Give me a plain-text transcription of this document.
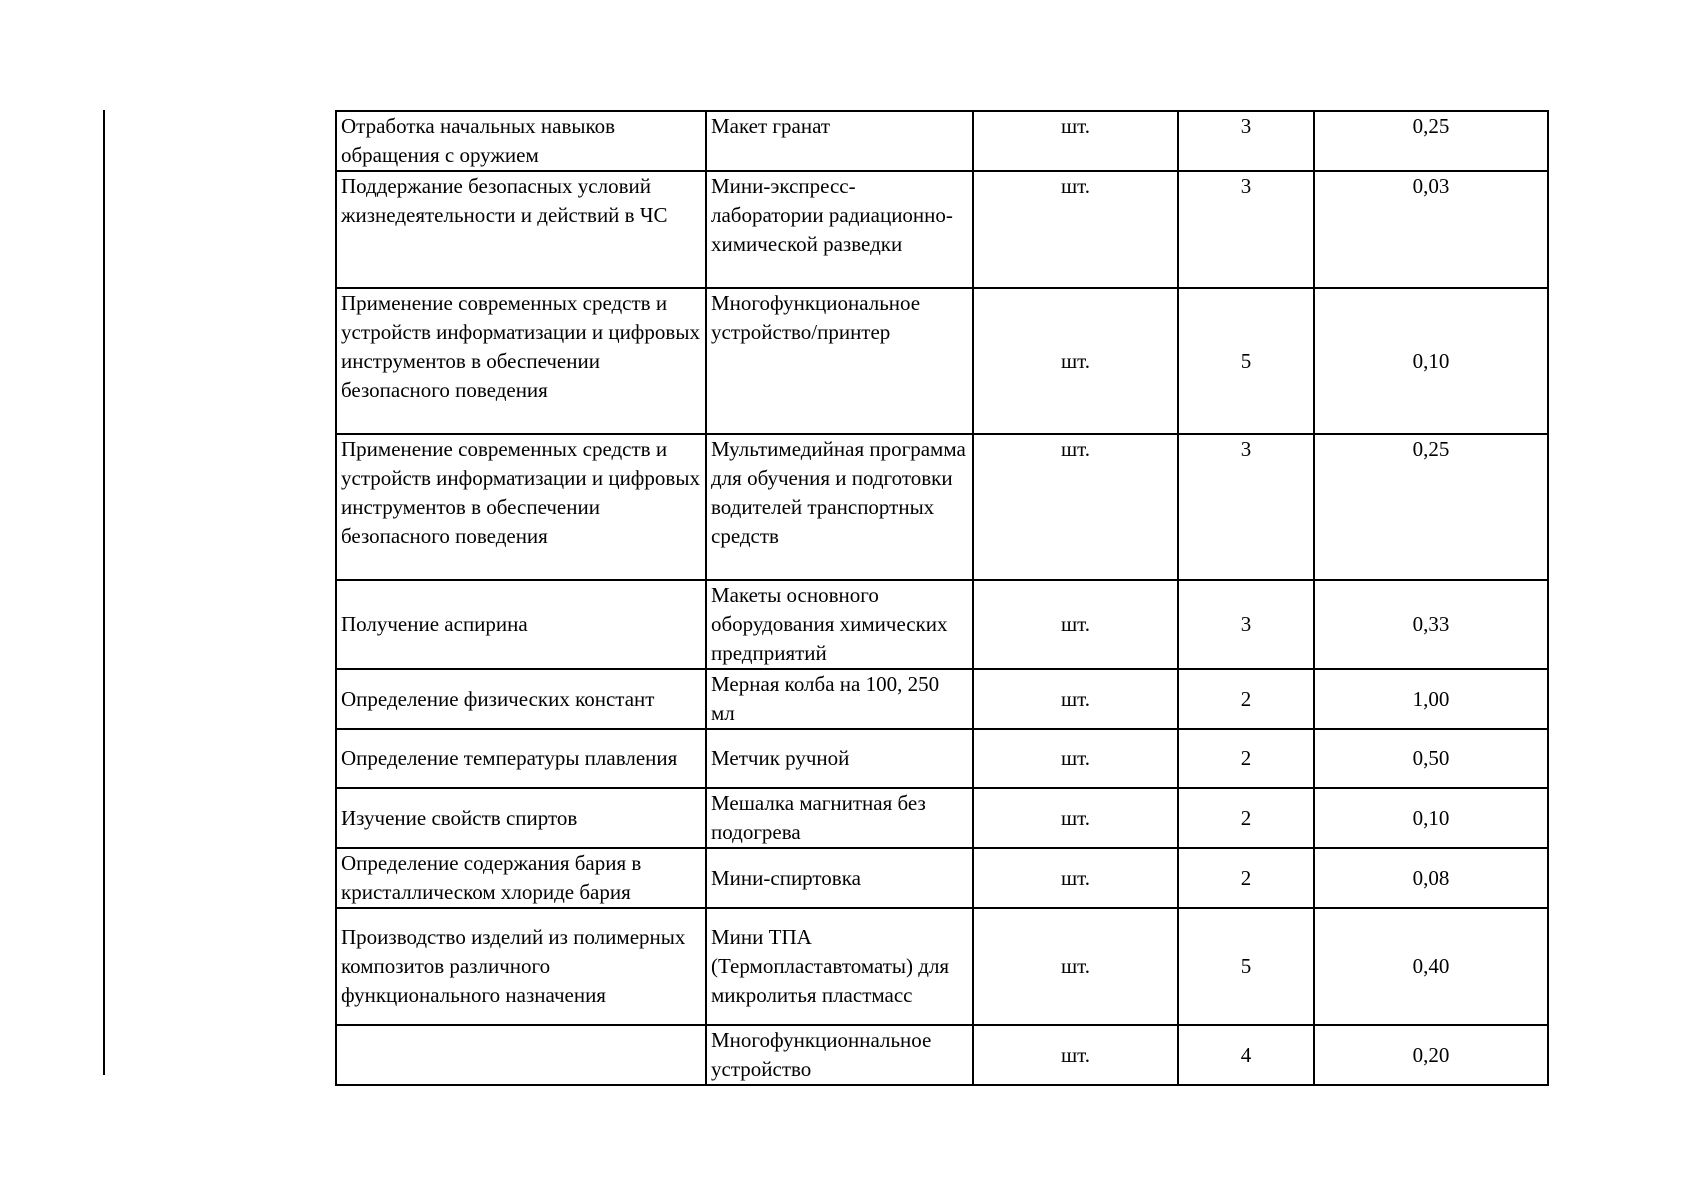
Отработка начальных навыков обращения с оружием	Макет гранат	шт.	3	0,25
Поддержание безопасных условий жизнедеятельности и действий в ЧС	Мини-экспресс-лаборатории радиационно-химической разведки	шт.	3	0,03
Применение современных средств и устройств информатизации и цифровых инструментов в обеспечении безопасного поведения	Многофункциональное устройство/принтер	шт.	5	0,10
Применение современных средств и устройств информатизации и цифровых инструментов в обеспечении безопасного поведения	Мультимедийная программа для обучения и подготовки водителей транспортных средств	шт.	3	0,25
Получение аспирина	Макеты основного оборудования химических предприятий	шт.	3	0,33
Определение физических констант	Мерная колба на 100, 250 мл	шт.	2	1,00
Определение температуры плавления	Метчик ручной	шт.	2	0,50
Изучение свойств спиртов	Мешалка магнитная без подогрева	шт.	2	0,10
Определение содержания бария в кристаллическом хлориде бария	Мини-спиртовка	шт.	2	0,08
Производство изделий из полимерных композитов различного функционального назначения	Мини ТПА (Термопластавтоматы) для микролитья пластмасс	шт.	5	0,40
	Многофункционнальное устройство	шт.	4	0,20
